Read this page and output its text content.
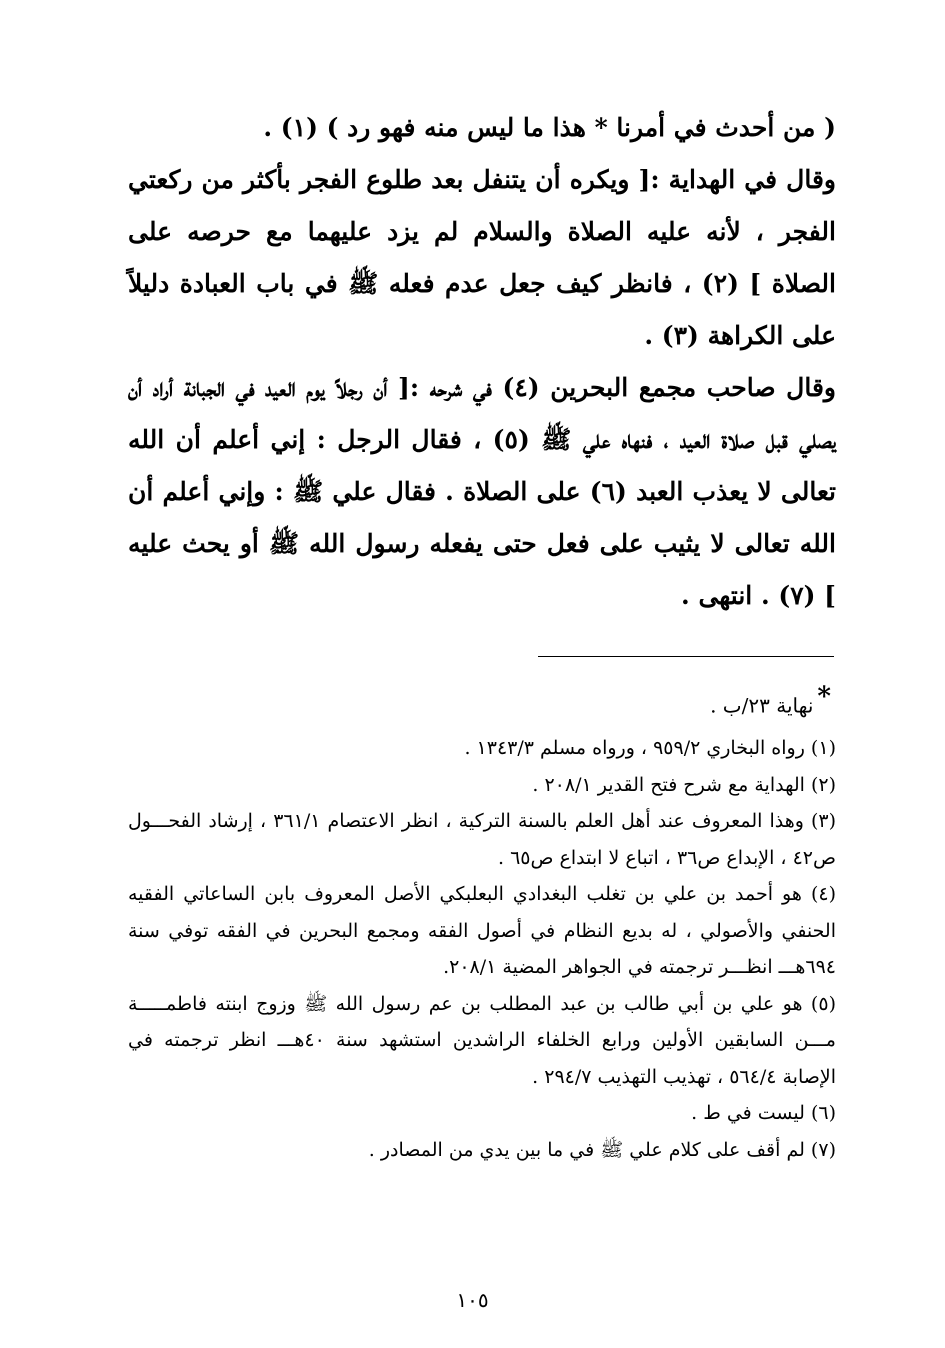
( من أحدث في أمرنا * هذا ما ليس منه فهو رد ) (١) .

وقال في الهداية :[ ويكره أن يتنفل بعد طلوع الفجر بأكثر من ركعتي الفجر ، لأنه عليه الصلاة والسلام لم يزد عليهما مع حرصه على الصلاة ] (٢) ، فانظر كيف جعل عدم فعله ﷺ في باب العبادة دليلاً على الكراهة (٣) .

وقال صاحب مجمع البحرين (٤) في شرحه :[ أن رجلاً يوم العيد في الجبانة أراد أن يصلي قبل صلاة العيد ، فنهاه علي ﷺ (٥) ، فقال الرجل : إني أعلم أن الله تعالى لا يعذب العبد (٦) على الصلاة . فقال علي ﷺ : وإني أعلم أن الله تعالى لا يثيب على فعل حتى يفعله رسول الله ﷺ أو يحث عليه ] (٧) . انتهى .

*نهاية ٢٣/ب .

(١) رواه البخاري ٩٥٩/٢ ، ورواه مسلم ١٣٤٣/٣ .

(٢) الهداية مع شرح فتح القدير ٢٠٨/١ .

(٣) وهذا المعروف عند أهل العلم بالسنة التركية ، انظر الاعتصام ٣٦١/١ ، إرشاد الفحـــول ص٤٢ ، الإبداع ص٣٦ ، اتباع لا ابتداع ص٦٥ .

(٤) هو أحمد بن علي بن تغلب البغدادي البعلبكي الأصل المعروف بابن الساعاتي الفقيه الحنفي والأصولي ، له بديع النظام في أصول الفقه ومجمع البحرين في الفقه توفي سنة ٦٩٤هـــ انظـــر ترجمته في الجواهر المضية ٢٠٨/١.

(٥) هو علي بن أبي طالب بن عبد المطلب بن عم رسول الله ﷺ وزوج ابنته فاطمـــــة مـــن السابقين الأولين ورابع الخلفاء الراشدين استشهد سنة ٤٠هـــ انظر ترجمته في الإصابة ٥٦٤/٤ ، تهذيب التهذيب ٢٩٤/٧ .

(٦) ليست في ط .

(٧) لم أقف على كلام علي ﷺ في ما بين يدي من المصادر .

١٠٥
